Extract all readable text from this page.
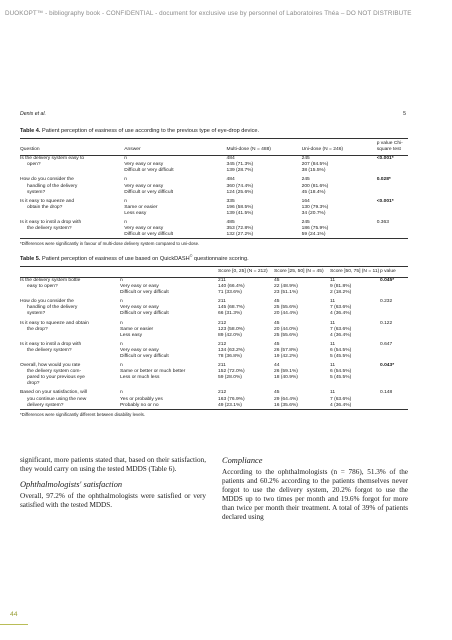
DUOKOPT™ - bibliography book - CONFIDENTIAL - document for exclusive use by personnel of Laboratoires Théa – DO NOT DISTRIBUTE
Denis et al.	5

Table 4. Patient perception of easiness of use according to the previous type of eye-drop device.

Question	Answer	Multi-dose (N = 488)	Uni-dose (N = 246)	p value Chi-square test
Is the delivery system easy to	n	484	245	<0.001*
open?	Very easy or easy	345 (71.3%)	207 (84.5%)	
	Difficult or Very difficult	139 (28.7%)	38 (15.5%)	
How do you consider the	n	484	245	0.028*
handling of the delivery	Very easy or easy	360 (74.4%)	200 (81.6%)	
system?	Difficult or very difficult	124 (25.6%)	45 (18.4%)	
Is it easy to squeeze and	n	335	164	<0.001*
obtain the drop?	Same or easier	196 (58.5%)	130 (79.3%)	
	Less easy	139 (41.5%)	34 (20.7%)	
Is it easy to instil a drop with	n	485	245	0.363
the delivery system?	Very easy or easy	353 (72.8%)	186 (75.9%)	
	Difficult or very difficult	132 (27.2%)	59 (24.1%)	
*Differences were significantly in favour of multi-dose delivery system compared to uni-dose.

Table 5. Patient perception of easiness of use based on QuickDASH© questionnaire scoring.

		Score [0, 25] (N = 212)	Score ]25, 50] (N = 45)	Score ]50, 75] (N = 11)	p value
Is the delivery system bottle	n	211	45	11	0.045*
easy to open?	Very easy or easy	140 (66.4%)	22 (48.9%)	9 (81.8%)	
	Difficult or very difficult	71 (33.6%)	23 (51.1%)	2 (18.2%)	
How do you consider the	n	211	45	11	0.232
handling of the delivery	Very easy or easy	145 (68.7%)	25 (55.6%)	7 (63.6%)	
system?	Difficult or very difficult	66 (31.3%)	20 (44.4%)	4 (36.4%)	
Is it easy to squeeze and obtain	n	212	45	11	0.122
the drop?	Same or easier	123 (58.0%)	20 (44.0%)	7 (63.6%)	
	Less easy	89 (42.0%)	25 (55.6%)	4 (36.4%)	
Is it easy to instil a drop with	n	212	45	11	0.647
the delivery system?	Very easy or easy	134 (63.2%)	26 (57.8%)	6 (54.5%)	
	Difficult or very difficult	78 (36.8%)	19 (42.2%)	5 (45.5%)	
Overall, how would you rate	n	211	44	11	0.043*
the delivery system com-	Same or better or much better	152 (72.0%)	26 (59.1%)	6 (54.5%)	
pared to your previous eye	Less or much less	59 (28.0%)	18 (40.9%)	5 (45.5%)	
drop?					
Based on your satisfaction, will	n	212	45	11	0.148
you continue using the new	Yes or probably yes	163 (76.9%)	29 (64.4%)	7 (63.6%)	
delivery system?	Probably no or no	49 (23.1%)	16 (35.6%)	4 (36.4%)	
*Differences were significantly different between disability levels.

significant, more patients stated that, based on their satisfaction, they would carry on using the tested MDDS (Table 6).

Ophthalmologists' satisfaction

Overall, 97.2% of the ophthalmologists were satisfied or very satisfied with the tested MDDS.

Compliance

According to the ophthalmologists (n = 786), 51.3% of the patients and 60.2% according to the patients themselves never forgot to use the delivery system, 20.2% forgot to use the MDDS up to two times per month and 19.6% forgot for more than twice per month their treatment. A total of 39% of patients declared using

44
